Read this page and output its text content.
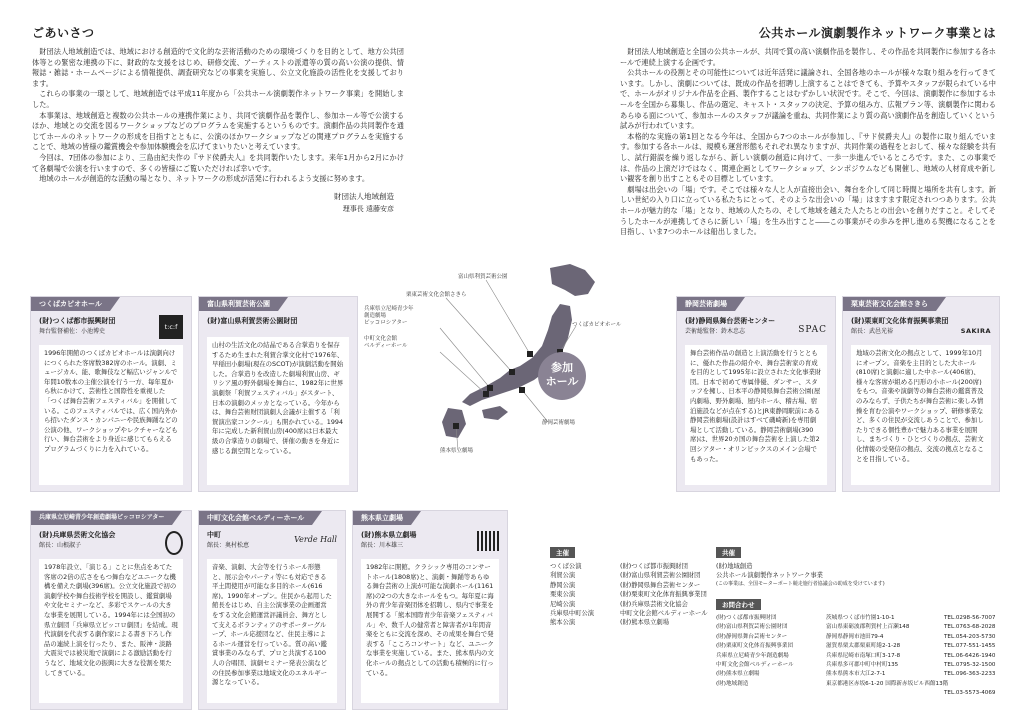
ごあいさつ

財団法人地域創造では、地域における創造的で文化的な芸術活動のための環境づくりを目的として、地方公共団体等との緊密な連携の下に、財政的な支援をはじめ、研修交流、アーティストの派遣等の質の高い公演の提供、情報誌・雑誌・ホームページによる情報提供、調査研究などの事業を実施し、公立文化施設の活性化を支援しております。

これらの事業の一環として、地域創造では平成11年度から「公共ホール演劇製作ネットワーク事業」を開始しました。

本事業は、地域創造と複数の公共ホールの連携作業により、共同で演劇作品を製作し、参加ホール等で公演するほか、地域との交流を図るワークショップなどのプログラムを実施するというものです。演劇作品の共同製作を通じてホールのネットワークの形成を目指すとともに、公演のほかワークショップなどの関連プログラムを実施することで、地域の皆様の鑑賞機会や参加体験機会を広げてまいりたいと考えています。

今回は、7団体の参加により、三島由紀夫作の『サド侯爵夫人』を共同製作いたします。来年1月から2月にかけて各劇場で公演を行いますので、多くの皆様にご覧いただければ幸いです。

地域のホールが創造的な活動の場となり、ネットワークの形成が活発に行われるよう支援に努めます。

財団法人地域創造
理事長 遠藤安彦
公共ホール演劇製作ネットワーク事業とは

財団法人地域創造と全国の公共ホールが、共同で質の高い演劇作品を製作し、その作品を共同製作に参加する各ホールで連続上演する企画です。

公共ホールの役割とその可能性については近年活発に議論され、全国各地のホールが様々な取り組みを行ってきています。しかし、演劇については、既成の作品を招聘し上演することはできても、予算やスタッフが限られている中で、ホールがオリジナル作品を企画、製作することはむずかしい状況です。そこで、今回は、演劇製作に参加するホールを全国から募集し、作品の選定、キャスト・スタッフの決定、予算の組み方、広報プラン等、演劇製作に関わるあらゆる面について、参加ホールのスタッフが議論を重ね、共同作業により質の高い演劇作品を創造していくという試みが行われています。

本格的な実施の第1回となる今年は、全国から7つのホールが参加し、『サド侯爵夫人』の製作に取り組んでいます。参加する各ホールは、規模も運営形態もそれぞれ異なりますが、共同作業の過程をとおして、様々な経験を共有し、試行錯誤を繰り返しながら、新しい演劇の創造に向けて、一歩一歩進んでいるところです。また、この事業では、作品の上演だけではなく、関連企画としてワークショップ、シンポジウムなども開催し、地域の人材育成や新しい観客を創り出すこともその目標としています。

劇場は出会いの「場」です。そこでは様々な人と人が直接出会い、舞台を介して同じ時間と場所を共有します。新しい世紀の入り口に立っている私たちにとって、そのような出会いの「場」はますます限定されつつあります。公共ホールが魅力的な「場」となり、地域の人たちの、そして地域を越えた人たちとの出会いを創りだすこと。そしてそうしたホールが連携してさらに新しい「場」を生み出すこと――この事業がその歩みを押し進める契機になることを目指し、いま7つのホールは船出しました。

富山県利賀芸術公園
栗東芸術文化会館さきら
兵庫県立尼崎青少年
創造劇場
ピッコロシアター
中町文化会館
ベルディーホール
つくばカピオホール
静岡芸術劇場
熊本県立劇場
参加
ホール
つくばカピオホール
(財)つくば都市振興財団
舞台監督補佐：小池博史
t:c:f
1996年開館のつくばカピオホールは演劇向けにつくられた客席数382席のホール。演劇、ミュージカル、能、歌舞伎など幅広いジャンルで年間10数本の主催公演を行う一方、毎年夏から秋にかけて、芸術性と国際性を重視した「つくば舞台芸術フェスティバル」を開催している。このフェスティバルでは、広く国内外から招いたダンス・カンパニーや民族舞踊などの公演の他、ワークショップやレクチャーなども行い、舞台芸術をより身近に感じてもらえるプログラムづくりに力を入れている。
富山県利賀芸術公園
(財)富山県利賀芸術公園財団
山村の生活文化の結晶である合掌造りを保存するため生まれた利賀合掌文化村で1976年、早稲田小劇場(現在のSCOT)が演劇活動を開始した。合掌造りを改造した劇場利賀山房、ギリシア風の野外劇場を舞台に、1982年に世界演劇祭「利賀フェスティバル」がスタート、日本の演劇のメッカとなっている。今年からは、舞台芸術财団演劇人会議が主催する「利賀演出家コンクール」も開かれている。1994年に完成した新利賀山房(400席)は日本最大級の合掌造りの劇場で、併催の動きを身近に感じる創空間となっている。
静岡芸術劇場
(財)静岡県舞台芸術センター
芸術総監督：鈴木忠志	SPAC
舞台芸術作品の創造と上演活動を行うとともに、優れた作品の紹介や、舞台芸術家の育成を目的として1995年に設立された文化事業財団。日本で初めて専属俳優、ダンサー、スタッフを擁し、日本平の静岡県舞台芸術公園(屋内劇場、野外劇場、屋内ホール、稽古場、宿泊施設などが点在する)とJR東静岡駅前にある静岡芸術劇場(設計はすべて磯崎新)を専用劇場として活動している。静岡芸術劇場(390席)は、世界20カ国の舞台芸術を上演した第2回シアター・オリンピックスのメイン会場でもあった。
栗東芸術文化会館さきら
(財)栗東町文化体育振興事業団
館長：武邑光裕	SAKIRA
地域の芸術文化の拠点として、1999年10月にオープン。音楽を主目的とした大ホール(810席)と演劇に適した中ホール(406席)、様々な客席が組める円形の小ホール(200席)をもつ。音楽や演劇等の舞台芸術の鑑賞普及のみならず、子供たちが舞台芸術に楽しみ情操を育む公演やワークショップ、研修事業など、多くの住民が交流しあうことで、参加したりできる個性豊かで魅力ある事業を展開し、まちづくり・ひとづくりの拠点、芸術文化情報の受発信の拠点、交流の拠点となることを目指している。
兵庫県立尼崎青少年創造劇場ピッコロシアター
(財)兵庫県芸術文化協会
館長：山根淑子
1978年設立、「演じる」ことに焦点をあてた客席の2倍の広さをもつ舞台などユニークな機構を備えた劇場(396席)。公立文化施設で初の演劇学校や舞台技術学校を開設し、鑑賞劇場や文化セミナーなど、多彩でスケールの大きな事業を展開している。1994年には全国初の県立劇団「兵庫県立ピッコロ劇団」を結成。現代演劇を代表する劇作家による書き下ろし作品の連続上演を行ったり、また、阪神・淡路大震災では被災地で演劇による激励活動を行うなど、地域文化の振興に大きな役割を果たしてきている。
中町文化会館ベルディーホール
中町
館長：奥村松恵
Verde Hall
音楽、演劇、大会等を行うホール形態と、展示会やパーティ等にも対応できる平土間使用が可能な多目的ホール(616席)。1990年オープン。住民から起用した館長をはじめ、自主公演事業の企画運営をする文化会館運営評議員会、舞方として支えるボランティアのサポーターグループ、ホール応援団など、住民主導によるホール運営を行っている。質の高い鑑賞事業のみならず、プロと共演する100人の合唱団、演劇セミナー発表公演などの住民参加事業は地域文化のエネルギー源となっている。
熊本県立劇場
(財)熊本県立劇場
館長：川本雄三
1982年に開館。クラシック専用のコンサートホール(1808席)と、演劇・舞踊等あらゆる舞台芸術の上演が可能な演劇ホール(1161席)の2つの大きなホールをもつ。毎年夏に海外の青少年音楽団体を招聘し、県内で事業を展開する「熊本国際青少年音楽フェスティバル」や、数千人の健常者と障害者が1年間音楽をともに交流を深め、その成果を舞台で発表する「こころコンサート」など、ユニークな事業を実施している。また、熊本県内の文化ホールの拠点としての活動も積極的に行っている。
主催
つくば公演	(財)つくば都市振興財団
利賀公演	(財)富山県利賀芸術公園財団
静岡公演	(財)静岡県舞台芸術センター
栗東公演	(財)栗東町文化体育振興事業団
尼崎公演	(財)兵庫県芸術文化協会
兵庫県中町公演	中町文化会館ベルディーホール
熊本公演	(財)熊本県立劇場
共催
(財)地域創造
公共ホール演劇製作ネットワーク事業
(この事業は、全国モーターボート競走施行者協議会の助成を受けています)
お問合わせ
(財)つくば都市振興財団	茨城県つくば市竹園1-10-1	TEL.0298-56-7007
(財)富山県利賀芸術公園財団	富山県東砺波郡利賀村上百瀬148	TEL.0763-68-2028
(財)静岡県舞台芸術センター	静岡県静岡市池田79-4	TEL.054-203-5730
(財)栗東町文化体育振興事業団	滋賀県栗太郡栗東町綣2-1-28	TEL.077-551-1455
兵庫県立尼崎青少年創造劇場	兵庫県尼崎市南塚口町3-17-8	TEL.06-6426-1940
中町文化会館ベルディーホール	兵庫県多可郡中町中村町135	TEL.0795-32-1500
(財)熊本県立劇場	熊本県熊本市大江2-7-1	TEL.096-363-2233
(財)地域創造	東京都港区赤坂6-1-20 国際新赤坂ビル西館13階
TEL.03-5573-4069
